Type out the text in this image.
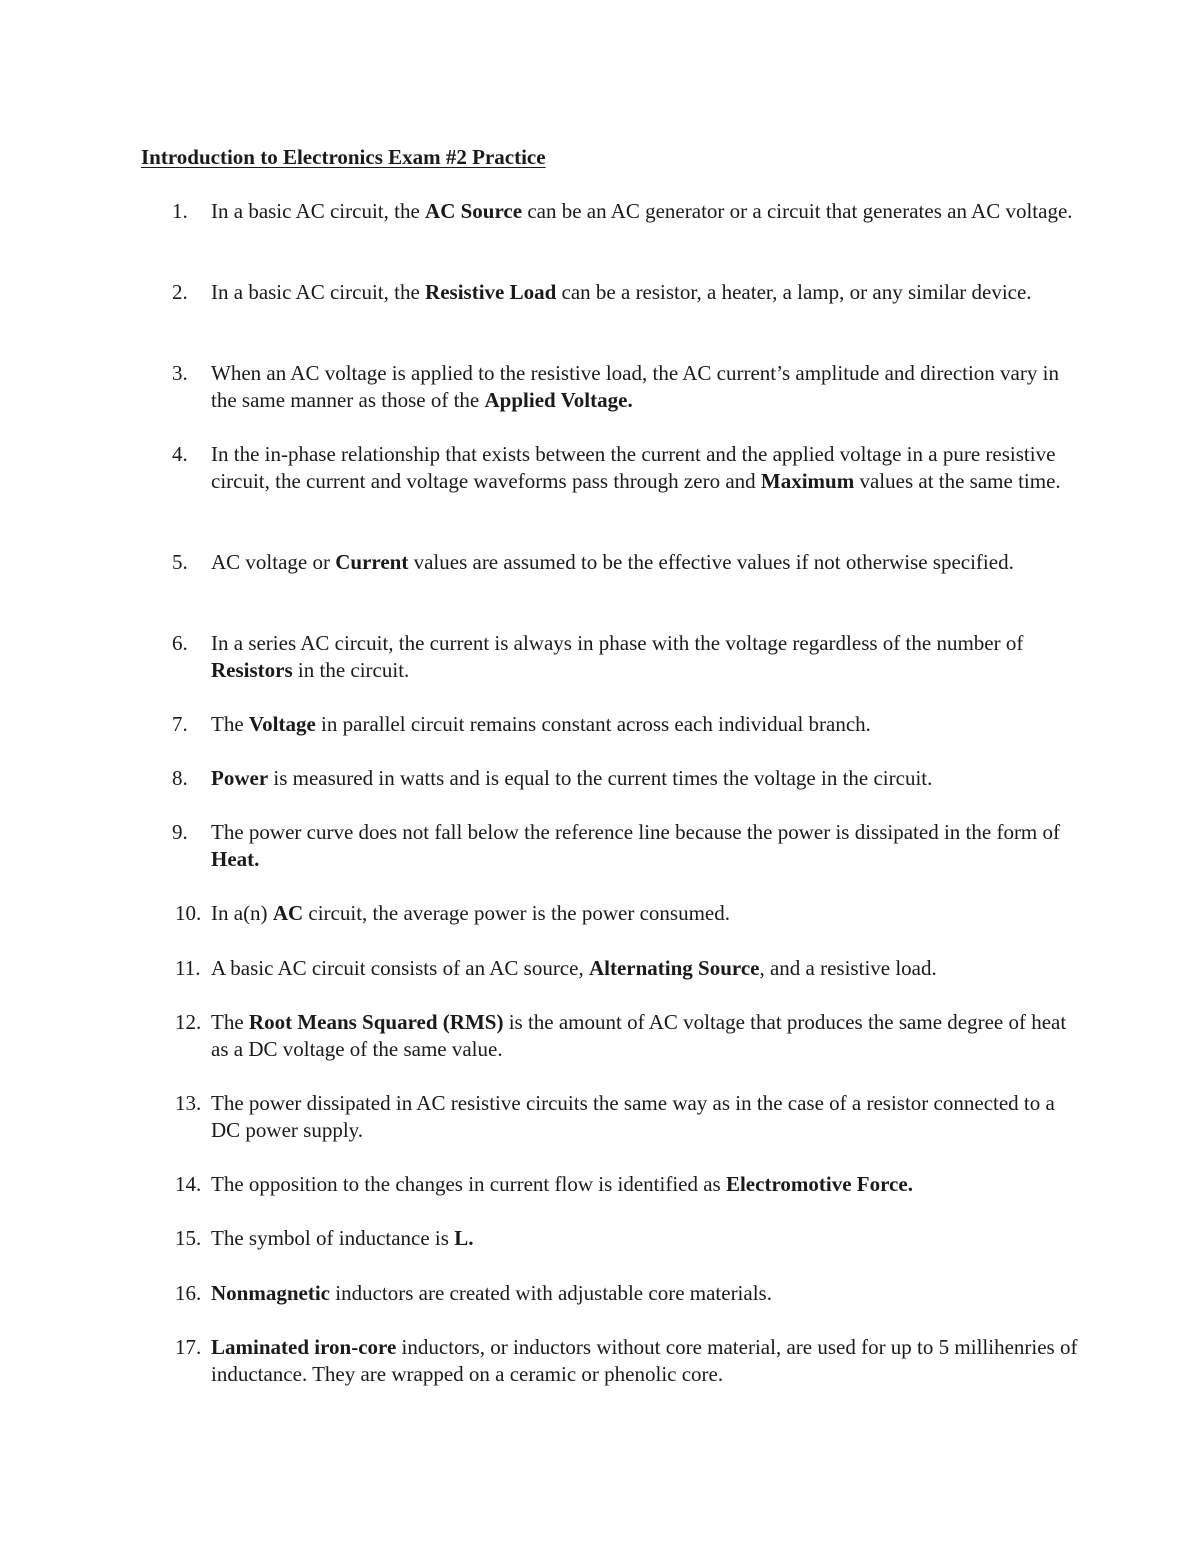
Introduction to Electronics Exam #2 Practice
1.	In a basic AC circuit, the AC Source can be an AC generator or a circuit that generates an AC voltage.
2.	In a basic AC circuit, the Resistive Load can be a resistor, a heater, a lamp, or any similar device.
3.	When an AC voltage is applied to the resistive load, the AC current’s amplitude and direction vary in the same manner as those of the Applied Voltage.
4.	In the in-phase relationship that exists between the current and the applied voltage in a pure resistive circuit, the current and voltage waveforms pass through zero and Maximum values at the same time.
5.	AC voltage or Current values are assumed to be the effective values if not otherwise specified.
6.	In a series AC circuit, the current is always in phase with the voltage regardless of the number of Resistors in the circuit.
7.	The Voltage in parallel circuit remains constant across each individual branch.
8.	Power is measured in watts and is equal to the current times the voltage in the circuit.
9.	The power curve does not fall below the reference line because the power is dissipated in the form of Heat.
10. In a(n) AC circuit, the average power is the power consumed.
11. A basic AC circuit consists of an AC source, Alternating Source, and a resistive load.
12. The Root Means Squared (RMS) is the amount of AC voltage that produces the same degree of heat as a DC voltage of the same value.
13. The power dissipated in AC resistive circuits the same way as in the case of a resistor connected to a DC power supply.
14. The opposition to the changes in current flow is identified as Electromotive Force.
15. The symbol of inductance is L.
16. Nonmagnetic inductors are created with adjustable core materials.
17. Laminated iron-core inductors, or inductors without core material, are used for up to 5 millihenries of inductance. They are wrapped on a ceramic or phenolic core.
